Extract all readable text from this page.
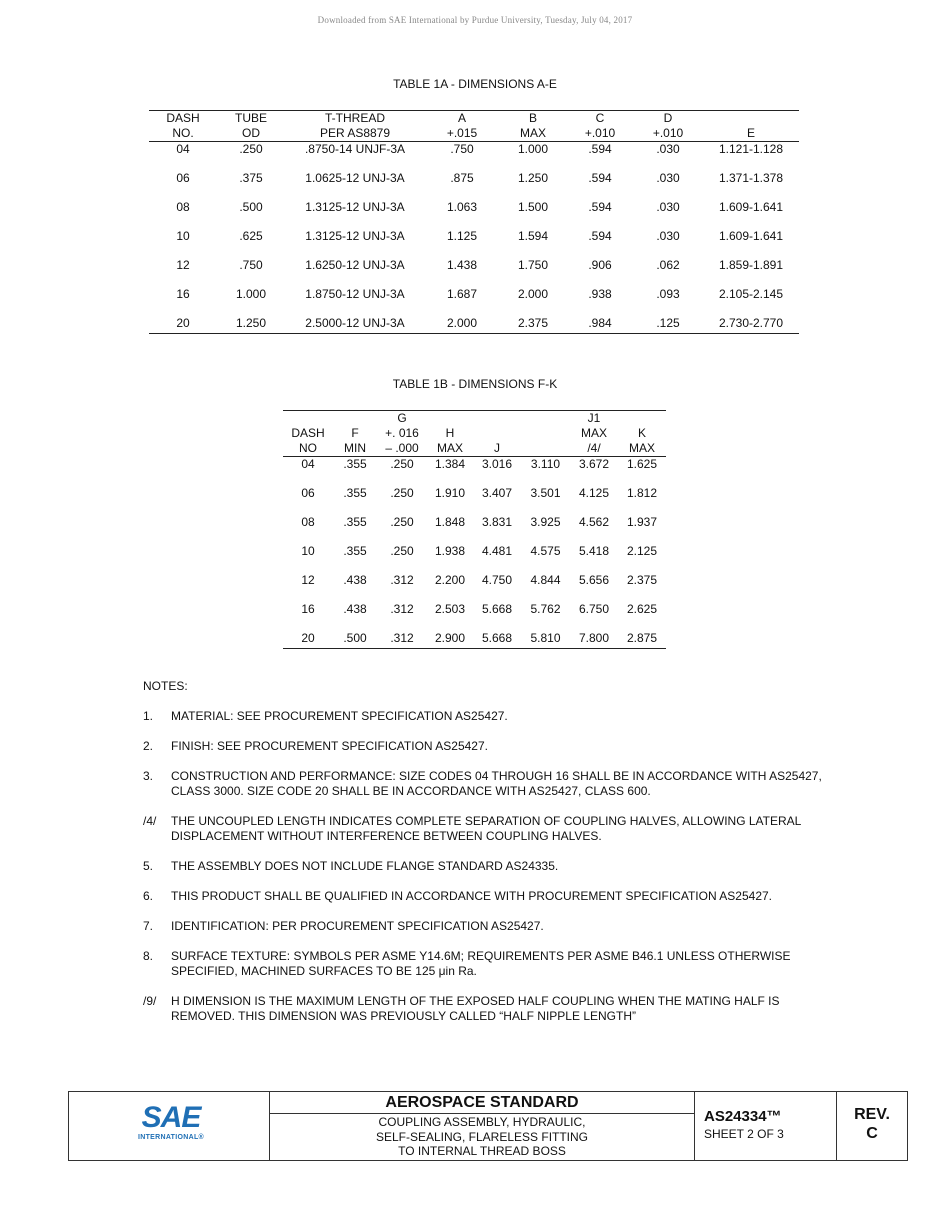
Downloaded from SAE International by Purdue University, Tuesday, July 04, 2017
TABLE 1A - DIMENSIONS A-E
DASH	TUBE	T-THREAD	A	B	C	D	
NO.	OD	PER AS8879	+.015	MAX	+.010	+.010	E
04	.250	.8750-14 UNJF-3A	.750	1.000	.594	.030	1.121-1.128
06	.375	1.0625-12 UNJ-3A	.875	1.250	.594	.030	1.371-1.378
08	.500	1.3125-12 UNJ-3A	1.063	1.500	.594	.030	1.609-1.641
10	.625	1.3125-12 UNJ-3A	1.125	1.594	.594	.030	1.609-1.641
12	.750	1.6250-12 UNJ-3A	1.438	1.750	.906	.062	1.859-1.891
16	1.000	1.8750-12 UNJ-3A	1.687	2.000	.938	.093	2.105-2.145
20	1.250	2.5000-12 UNJ-3A	2.000	2.375	.984	.125	2.730-2.770
TABLE 1B - DIMENSIONS F-K
		G				J1	
DASH	F	+. 016	H			MAX	K
NO	MIN	– .000	MAX	J		/4/	MAX
04	.355	.250	1.384	3.016	3.110	3.672	1.625
06	.355	.250	1.910	3.407	3.501	4.125	1.812
08	.355	.250	1.848	3.831	3.925	4.562	1.937
10	.355	.250	1.938	4.481	4.575	5.418	2.125
12	.438	.312	2.200	4.750	4.844	5.656	2.375
16	.438	.312	2.503	5.668	5.762	6.750	2.625
20	.500	.312	2.900	5.668	5.810	7.800	2.875
NOTES:
1.	MATERIAL: SEE PROCUREMENT SPECIFICATION AS25427.
2.	FINISH: SEE PROCUREMENT SPECIFICATION AS25427.
3.	CONSTRUCTION AND PERFORMANCE: SIZE CODES 04 THROUGH 16 SHALL BE IN ACCORDANCE WITH AS25427, CLASS 3000. SIZE CODE 20 SHALL BE IN ACCORDANCE WITH AS25427, CLASS 600.
/4/	THE UNCOUPLED LENGTH INDICATES COMPLETE SEPARATION OF COUPLING HALVES, ALLOWING LATERAL DISPLACEMENT WITHOUT INTERFERENCE BETWEEN COUPLING HALVES.
5.	THE ASSEMBLY DOES NOT INCLUDE FLANGE STANDARD AS24335.
6.	THIS PRODUCT SHALL BE QUALIFIED IN ACCORDANCE WITH PROCUREMENT SPECIFICATION AS25427.
7.	IDENTIFICATION: PER PROCUREMENT SPECIFICATION AS25427.
8.	SURFACE TEXTURE: SYMBOLS PER ASME Y14.6M; REQUIREMENTS PER ASME B46.1 UNLESS OTHERWISE SPECIFIED, MACHINED SURFACES TO BE 125 μin Ra.
/9/	H DIMENSION IS THE MAXIMUM LENGTH OF THE EXPOSED HALF COUPLING WHEN THE MATING HALF IS REMOVED. THIS DIMENSION WAS PREVIOUSLY CALLED “HALF NIPPLE LENGTH”
SAE
INTERNATIONAL®
AEROSPACE STANDARD
COUPLING ASSEMBLY, HYDRAULIC,
SELF-SEALING, FLARELESS FITTING
TO INTERNAL THREAD BOSS
AS24334™
SHEET 2 OF 3
REV.
C
